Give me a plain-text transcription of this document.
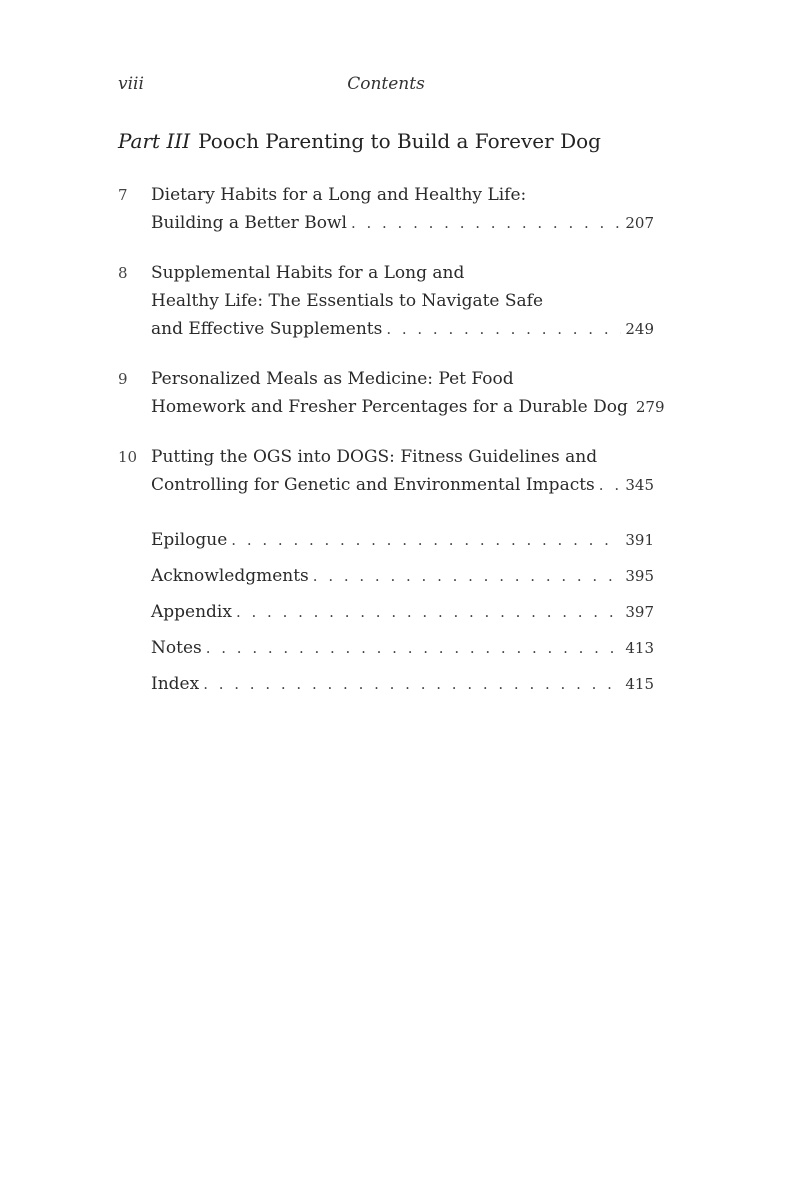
viii	Contents
Part III Pooch Parenting to Build a Forever Dog
7 Dietary Habits for a Long and Healthy Life:
Building a Better Bowl . . .	207
8 Supplemental Habits for a Long and
Healthy Life: The Essentials to Navigate Safe
and Effective Supplements . . .	249
9 Personalized Meals as Medicine: Pet Food
Homework and Fresher Percentages for a Durable Dog 279
10 Putting the OGS into DOGS: Fitness Guidelines and
Controlling for Genetic and Environmental Impacts . . . 345
Epilogue . . .	391
Acknowledgments . . .	395
Appendix . . .	397
Notes . . .	413
Index . . .	415
